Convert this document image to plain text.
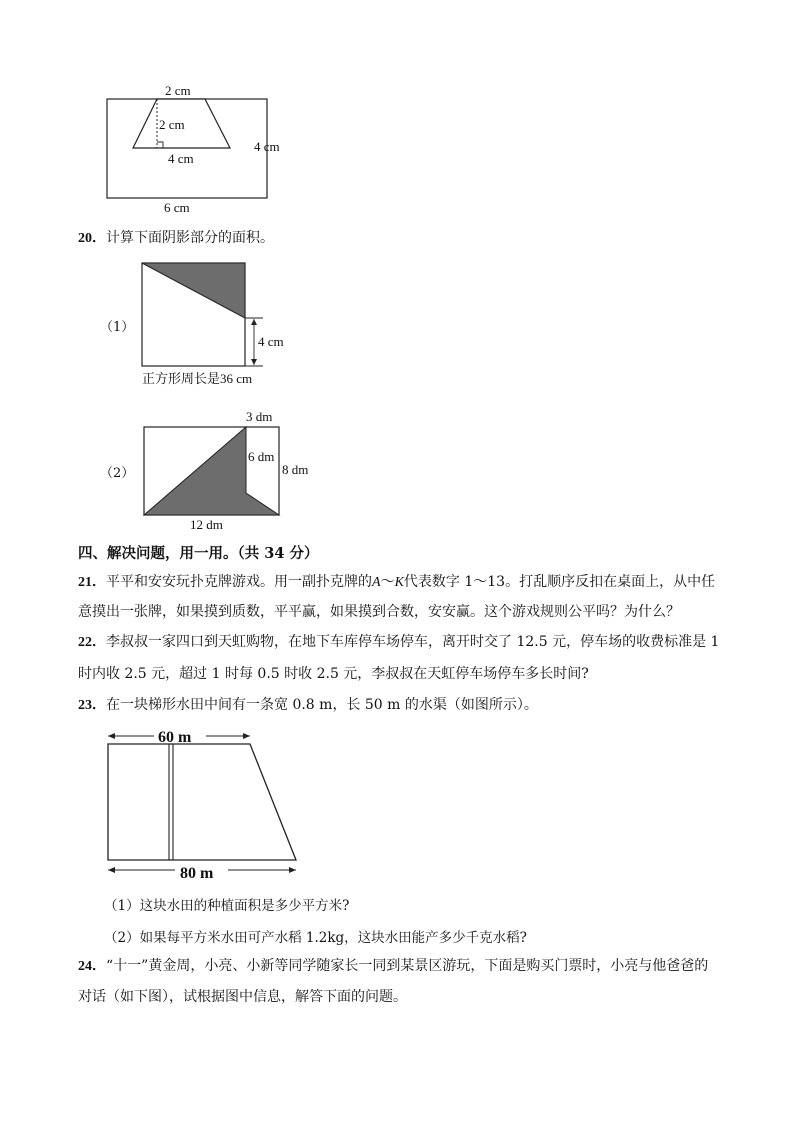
2 cm
2 cm
4 cm
4 cm
6 cm
20．计算下面阴影部分的面积。
（1）
4 cm
正方形周长是36 cm
（2）
3 dm
6 dm
8 dm
12 dm
四、解决问题，用一用。（共 34 分）
21．平平和安安玩扑克牌游戏。用一副扑克牌的A～K代表数字 1～13。打乱顺序反扣在桌面上，从中任
意摸出一张牌，如果摸到质数，平平赢，如果摸到合数，安安赢。这个游戏规则公平吗？为什么？
22．李叔叔一家四口到天虹购物，在地下车库停车场停车，离开时交了 12.5 元，停车场的收费标准是 1
时内收 2.5 元，超过 1 时每 0.5 时收 2.5 元，李叔叔在天虹停车场停车多长时间?
23．在一块梯形水田中间有一条宽 0.8 m，长 50 m 的水渠（如图所示）。
60 m
80 m
（1）这块水田的种植面积是多少平方米?
（2）如果每平方米水田可产水稻 1.2kg，这块水田能产多少千克水稻?
24．“十一”黄金周，小亮、小新等同学随家长一同到某景区游玩，下面是购买门票时，小亮与他爸爸的
对话（如下图），试根据图中信息，解答下面的问题。
